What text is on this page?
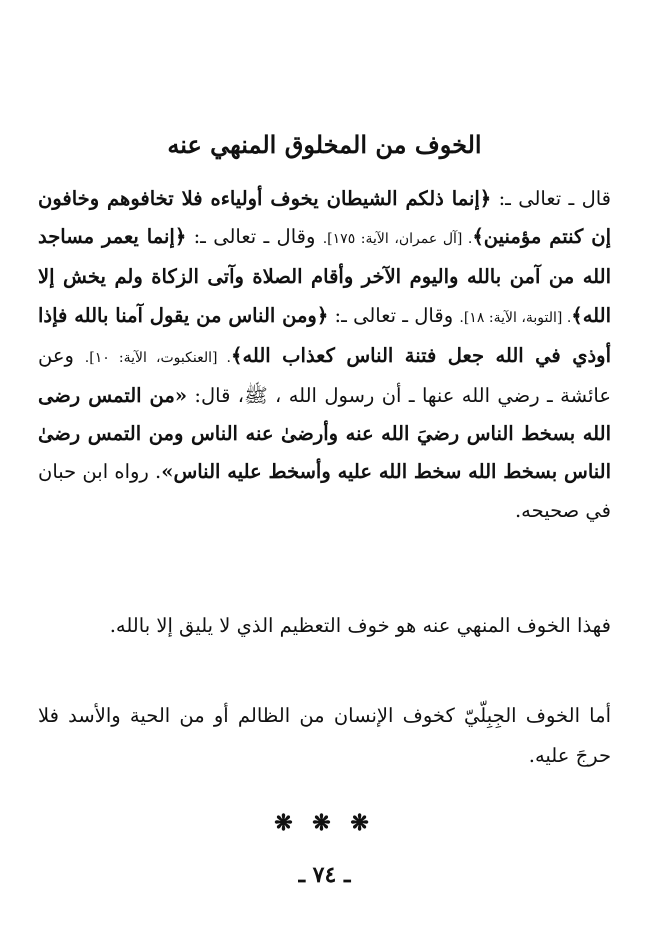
الخوف من المخلوق المنهي عنه

قال ـ تعالى ـ: ﴿إنما ذلكم الشيطان يخوف أولياءه فلا تخافوهم وخافون إن كنتم مؤمنين﴾. [آل عمران، الآية: ١٧٥]. وقال ـ تعالى ـ: ﴿إنما يعمر مساجد الله من آمن بالله واليوم الآخر وأقام الصلاة وآتى الزكاة ولم يخش إلا الله﴾. [التوبة، الآية: ١٨]. وقال ـ تعالى ـ: ﴿ومن الناس من يقول آمنا بالله فإذا أوذي في الله جعل فتنة الناس كعذاب الله﴾. [العنكبوت، الآية: ١٠]. وعن عائشة ـ رضي الله عنها ـ أن رسول الله ، ﷺ، قال: «من التمس رضى الله بسخط الناس رضيَ الله عنه وأرضىٰ عنه الناس ومن التمس رضىٰ الناس بسخط الله سخط الله عليه وأسخط عليه الناس». رواه ابن حبان في صحيحه.

فهذا الخوف المنهي عنه هو خوف التعظيم الذي لا يليق إلا بالله.

أما الخوف الجِبِلّيّ كخوف الإنسان من الظالم أو من الحية والأسد فلا حرجَ عليه.

❋ ❋ ❋
ـ ٧٤ ـ
